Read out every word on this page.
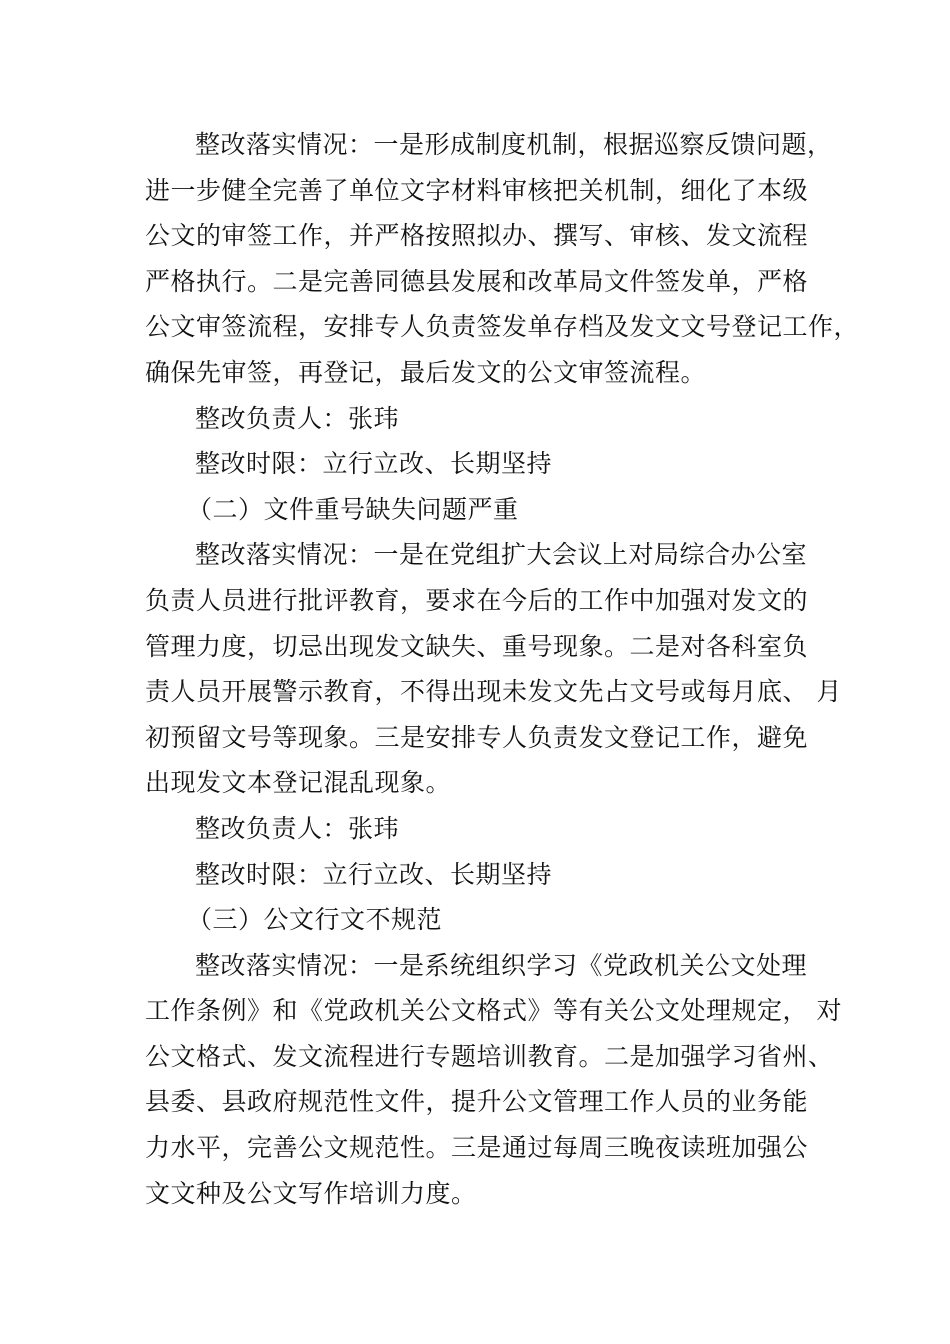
整改落实情况：一是形成制度机制，根据巡察反馈问题，
进一步健全完善了单位文字材料审核把关机制，细化了本级
公文的审签工作，并严格按照拟办、撰写、审核、发文流程
严格执行。二是完善同德县发展和改革局文件签发单，严格
公文审签流程，安排专人负责签发单存档及发文文号登记工作，
确保先审签，再登记，最后发文的公文审签流程。
整改负责人：张玮
整改时限：立行立改、长期坚持
（二）文件重号缺失问题严重
整改落实情况：一是在党组扩大会议上对局综合办公室
负责人员进行批评教育，要求在今后的工作中加强对发文的
管理力度，切忌出现发文缺失、重号现象。二是对各科室负
责人员开展警示教育，不得出现未发文先占文号或每月底、 月
初预留文号等现象。三是安排专人负责发文登记工作，避免
出现发文本登记混乱现象。
整改负责人：张玮
整改时限：立行立改、长期坚持
（三）公文行文不规范
整改落实情况：一是系统组织学习《党政机关公文处理
工作条例》和《党政机关公文格式》等有关公文处理规定， 对
公文格式、发文流程进行专题培训教育。二是加强学习省州、
县委、县政府规范性文件，提升公文管理工作人员的业务能
力水平，完善公文规范性。三是通过每周三晚夜读班加强公
文文种及公文写作培训力度。
